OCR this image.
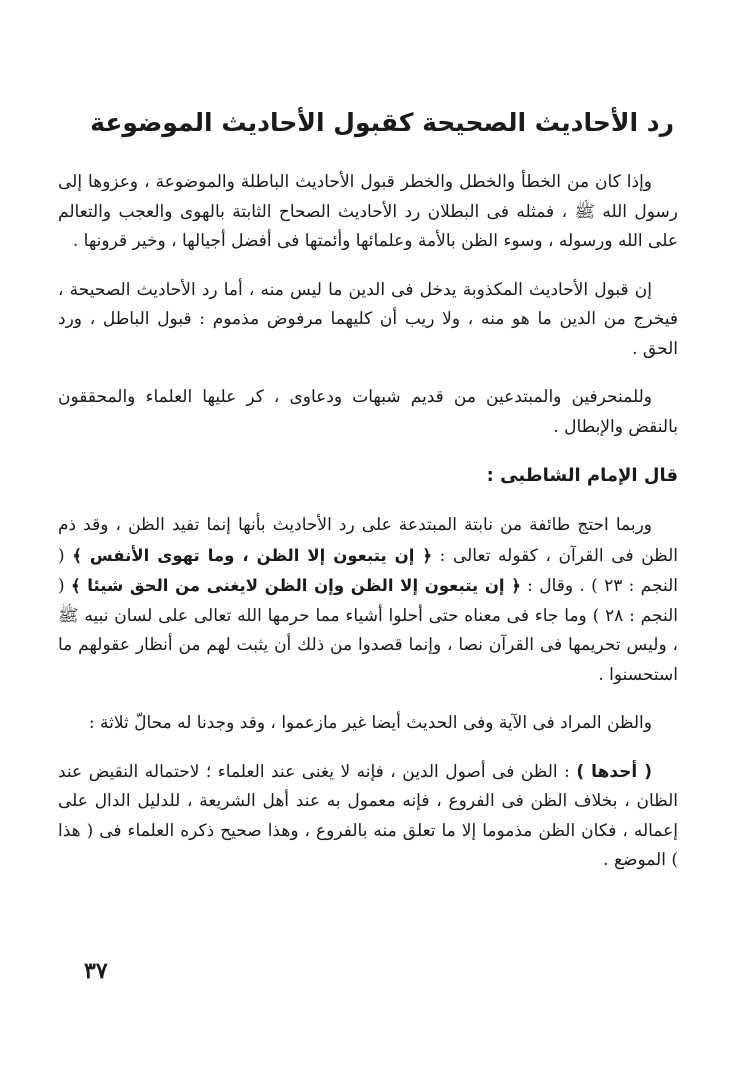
رد الأحاديث الصحيحة كقبول الأحاديث الموضوعة

وإذا كان من الخطأ والخطل والخطر قبول الأحاديث الباطلة والموضوعة ، وعزوها إلى رسول الله ﷺ ، فمثله فى البطلان رد الأحاديث الصحاح الثابتة بالهوى والعجب والتعالم على الله ورسوله ، وسوء الظن بالأمة وعلمائها وأئمتها فى أفضل أجيالها ، وخير قرونها .

إن قبول الأحاديث المكذوبة يدخل فى الدين ما ليس منه ، أما رد الأحاديث الصحيحة ، فيخرج من الدين ما هو منه ، ولا ريب أن كليهما مرفوض مذموم : قبول الباطل ، ورد الحق .

وللمنحرفين والمبتدعين من قديم شبهات ودعاوى ، كر عليها العلماء والمحققون بالنقض والإبطال .

قال الإمام الشاطبى :

وربما احتج طائفة من نابتة المبتدعة على رد الأحاديث بأنها إنما تفيد الظن ، وقد ذم الظن فى القرآن ، كقوله تعالى : ﴿ إن يتبعون إلا الظن ، وما تهوى الأنفس ﴾ ( النجم : ٢٣ ) . وقال : ﴿ إن يتبعون إلا الظن وإن الظن لايغنى من الحق شيئا ﴾ ( النجم : ٢٨ ) وما جاء فى معناه حتى أحلوا أشياء مما حرمها الله تعالى على لسان نبيه ﷺ ، وليس تحريمها فى القرآن نصا ، وإنما قصدوا من ذلك أن يثبت لهم من أنظار عقولهم ما استحسنوا .

والظن المراد فى الآية وفى الحديث أيضا غير مازعموا ، وقد وجدنا له محالّ ثلاثة :

( أحدها ) : الظن فى أصول الدين ، فإنه لا يغنى عند العلماء ؛ لاحتماله النقيض عند الظان ، بخلاف الظن فى الفروع ، فإنه معمول به عند أهل الشريعة ، للدليل الدال على إعماله ، فكان الظن مذموما إلا ما تعلق منه بالفروع ، وهذا صحيح ذكره العلماء فى ( هذا ) الموضع .

٣٧
